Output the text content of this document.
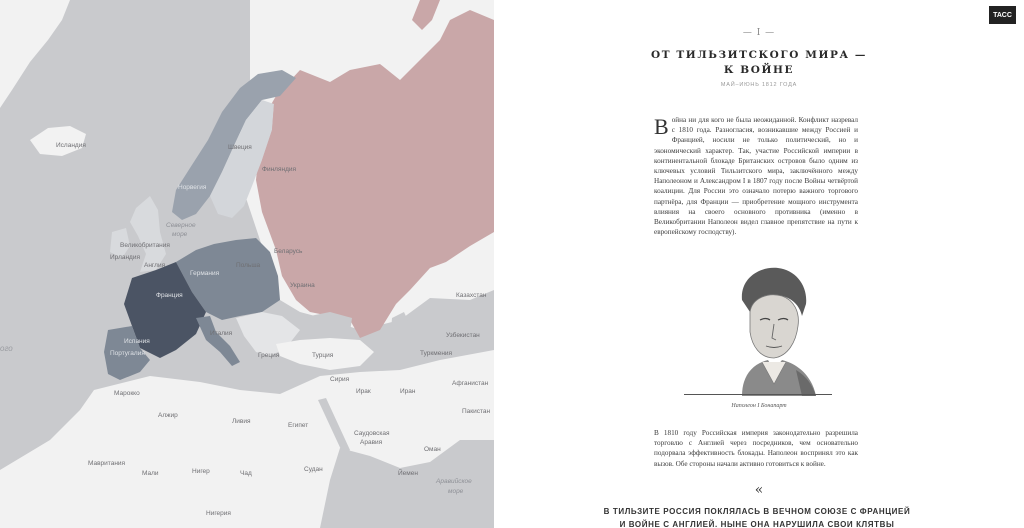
Исландия
Норвегия
Швеция
Финляндия
Северное
море
Великобритания
Ирландия
Англия
Германия
Польша
Беларусь
Украина
Франция
Испания
Португалия
Италия
Греция	Турция
Сирия
Ирак	Иран
Туркмения
Узбекистан
Казахстан
Афганистан
Пакистан
Марокко
Алжир
Ливия
Египет
Саудовская
Аравия
Оман
Йемен
Судан
Чад
Нигер
Мали
Мавритания
Нигерия
ого
Аравийское
море
ТАСС
— I —
ОТ ТИЛЬЗИТСКОГО МИРА — К ВОЙНЕ
МАЙ–ИЮНЬ 1812 ГОДА

Война ни для кого не была неожиданной. Конфликт назревал с 1810 года. Разногласия, возникавшие между Россией и Францией, носили не только политический, но и экономический характер. Так, участие Российской империи в континентальной блокаде Британских островов было одним из ключевых условий Тильзитского мира, заключённого между Наполеоном и Александром I в 1807 году после Войны четвёртой коалиции. Для России это означало потерю важного торгового партнёра, для Франции — приобретение мощного инструмента влияния на своего основного противника (именно в Великобритании Наполеон видел главное препятствие на пути к европейскому господству).

Наполеон I Бонапарт

В 1810 году Российская империя законодательно разрешила торговлю с Англией через посредников, чем основательно подорвала эффективность блокады. Наполеон воспринял это как вызов. Обе стороны начали активно готовиться к войне.

«
В ТИЛЬЗИТЕ РОССИЯ ПОКЛЯЛАСЬ В ВЕЧНОМ СОЮЗЕ С ФРАНЦИЕЙ И ВОЙНЕ С АНГЛИЕЙ. НЫНЕ ОНА НАРУШИЛА СВОИ КЛЯТВЫ
